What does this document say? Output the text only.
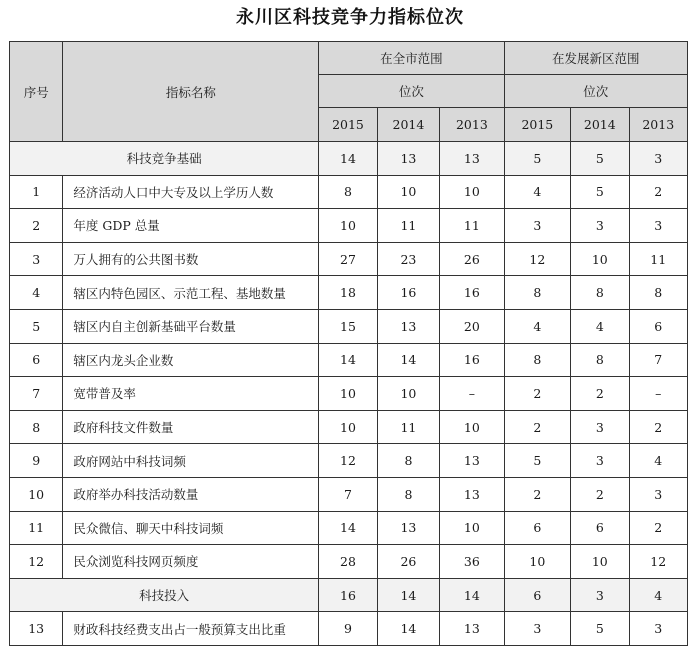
永川区科技竞争力指标位次
序号	指标名称	在全市范围			在发展新区范围		
		位次			位次		
		2015	2014	2013	2015	2014	2013
科技竞争基础		14	13	13	5	5	3
1	经济活动人口中大专及以上学历人数	8	10	10	4	5	2
2	年度 GDP 总量	10	11	11	3	3	3
3	万人拥有的公共图书数	27	23	26	12	10	11
4	辖区内特色园区、示范工程、基地数量	18	16	16	8	8	8
5	辖区内自主创新基础平台数量	15	13	20	4	4	6
6	辖区内龙头企业数	14	14	16	8	8	7
7	宽带普及率	10	10	–	2	2	–
8	政府科技文件数量	10	11	10	2	3	2
9	政府网站中科技词频	12	8	13	5	3	4
10	政府举办科技活动数量	7	8	13	2	2	3
11	民众微信、聊天中科技词频	14	13	10	6	6	2
12	民众浏览科技网页频度	28	26	36	10	10	12
科技投入		16	14	14	6	3	4
13	财政科技经费支出占一般预算支出比重	9	14	13	3	5	3
